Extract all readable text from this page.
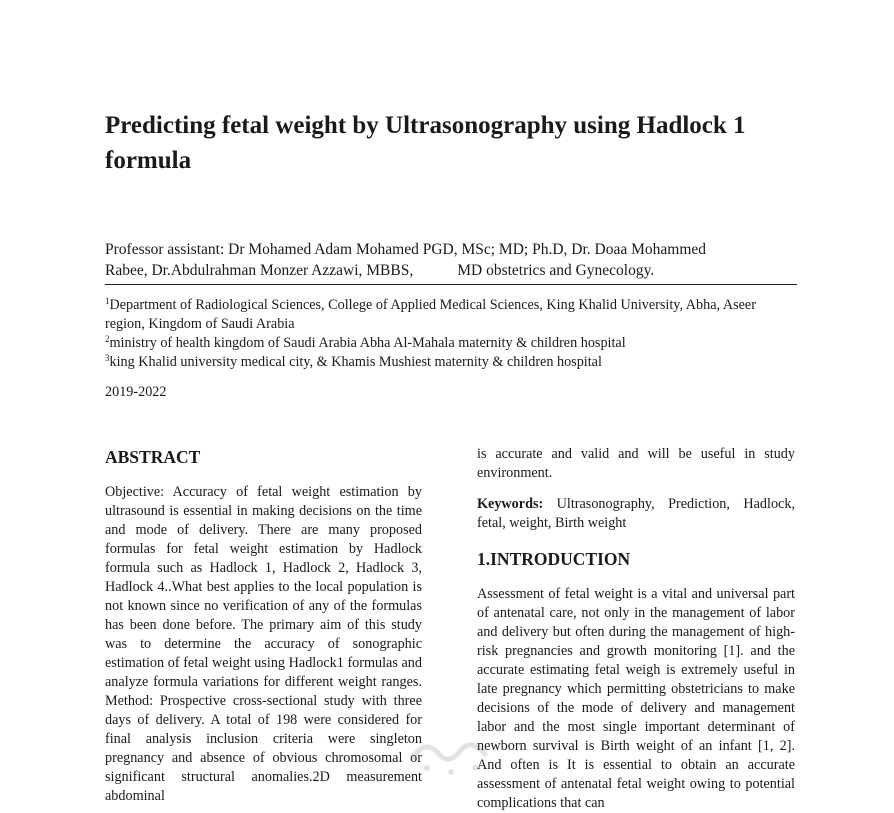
Predicting fetal weight by Ultrasonography using Hadlock 1 formula

Professor assistant: Dr Mohamed Adam Mohamed PGD, MSc; MD; Ph.D, Dr. Doaa Mohammed
Rabee, Dr.Abdulrahman Monzer Azzawi, MBBS,	MD obstetrics and Gynecology.

$^1$Department of Radiological Sciences, College of Applied Medical Sciences, King Khalid University, Abha, Aseer region, Kingdom of Saudi Arabia
$^2$ministry of health kingdom of Saudi Arabia Abha Al-Mahala maternity & children hospital
$^3$king Khalid university medical city, & Khamis Mushiest maternity & children hospital

2019-2022

ABSTRACT

Objective: Accuracy of fetal weight estimation by ultrasound is essential in making decisions on the time and mode of delivery. There are many proposed formulas for fetal weight estimation by Hadlock formula such as Hadlock 1, Hadlock 2, Hadlock 3, Hadlock 4..What best applies to the local population is not known since no verification of any of the formulas has been done before. The primary aim of this study was to determine the accuracy of sonographic estimation of fetal weight using Hadlock1 formulas and analyze formula variations for different weight ranges. Method: Prospective cross-sectional study with three days of delivery. A total of 198 were considered for final analysis inclusion criteria were singleton pregnancy and absence of obvious chromosomal or significant structural anomalies.2D measurement abdominal

is accurate and valid and will be useful in study environment.

Keywords: Ultrasonography, Prediction, Hadlock, fetal, weight, Birth weight

1.INTRODUCTION

Assessment of fetal weight is a vital and universal part of antenatal care, not only in the management of labor and delivery but often during the management of high-risk pregnancies and growth monitoring [1]. and the accurate estimating fetal weigh is extremely useful in late pregnancy which permitting obstetricians to make decisions of the mode of delivery and management labor and the most single important determinant of newborn survival is Birth weight of an infant [1, 2]. And often is It is essential to obtain an accurate assessment of antenatal fetal weight owing to potential complications that can
